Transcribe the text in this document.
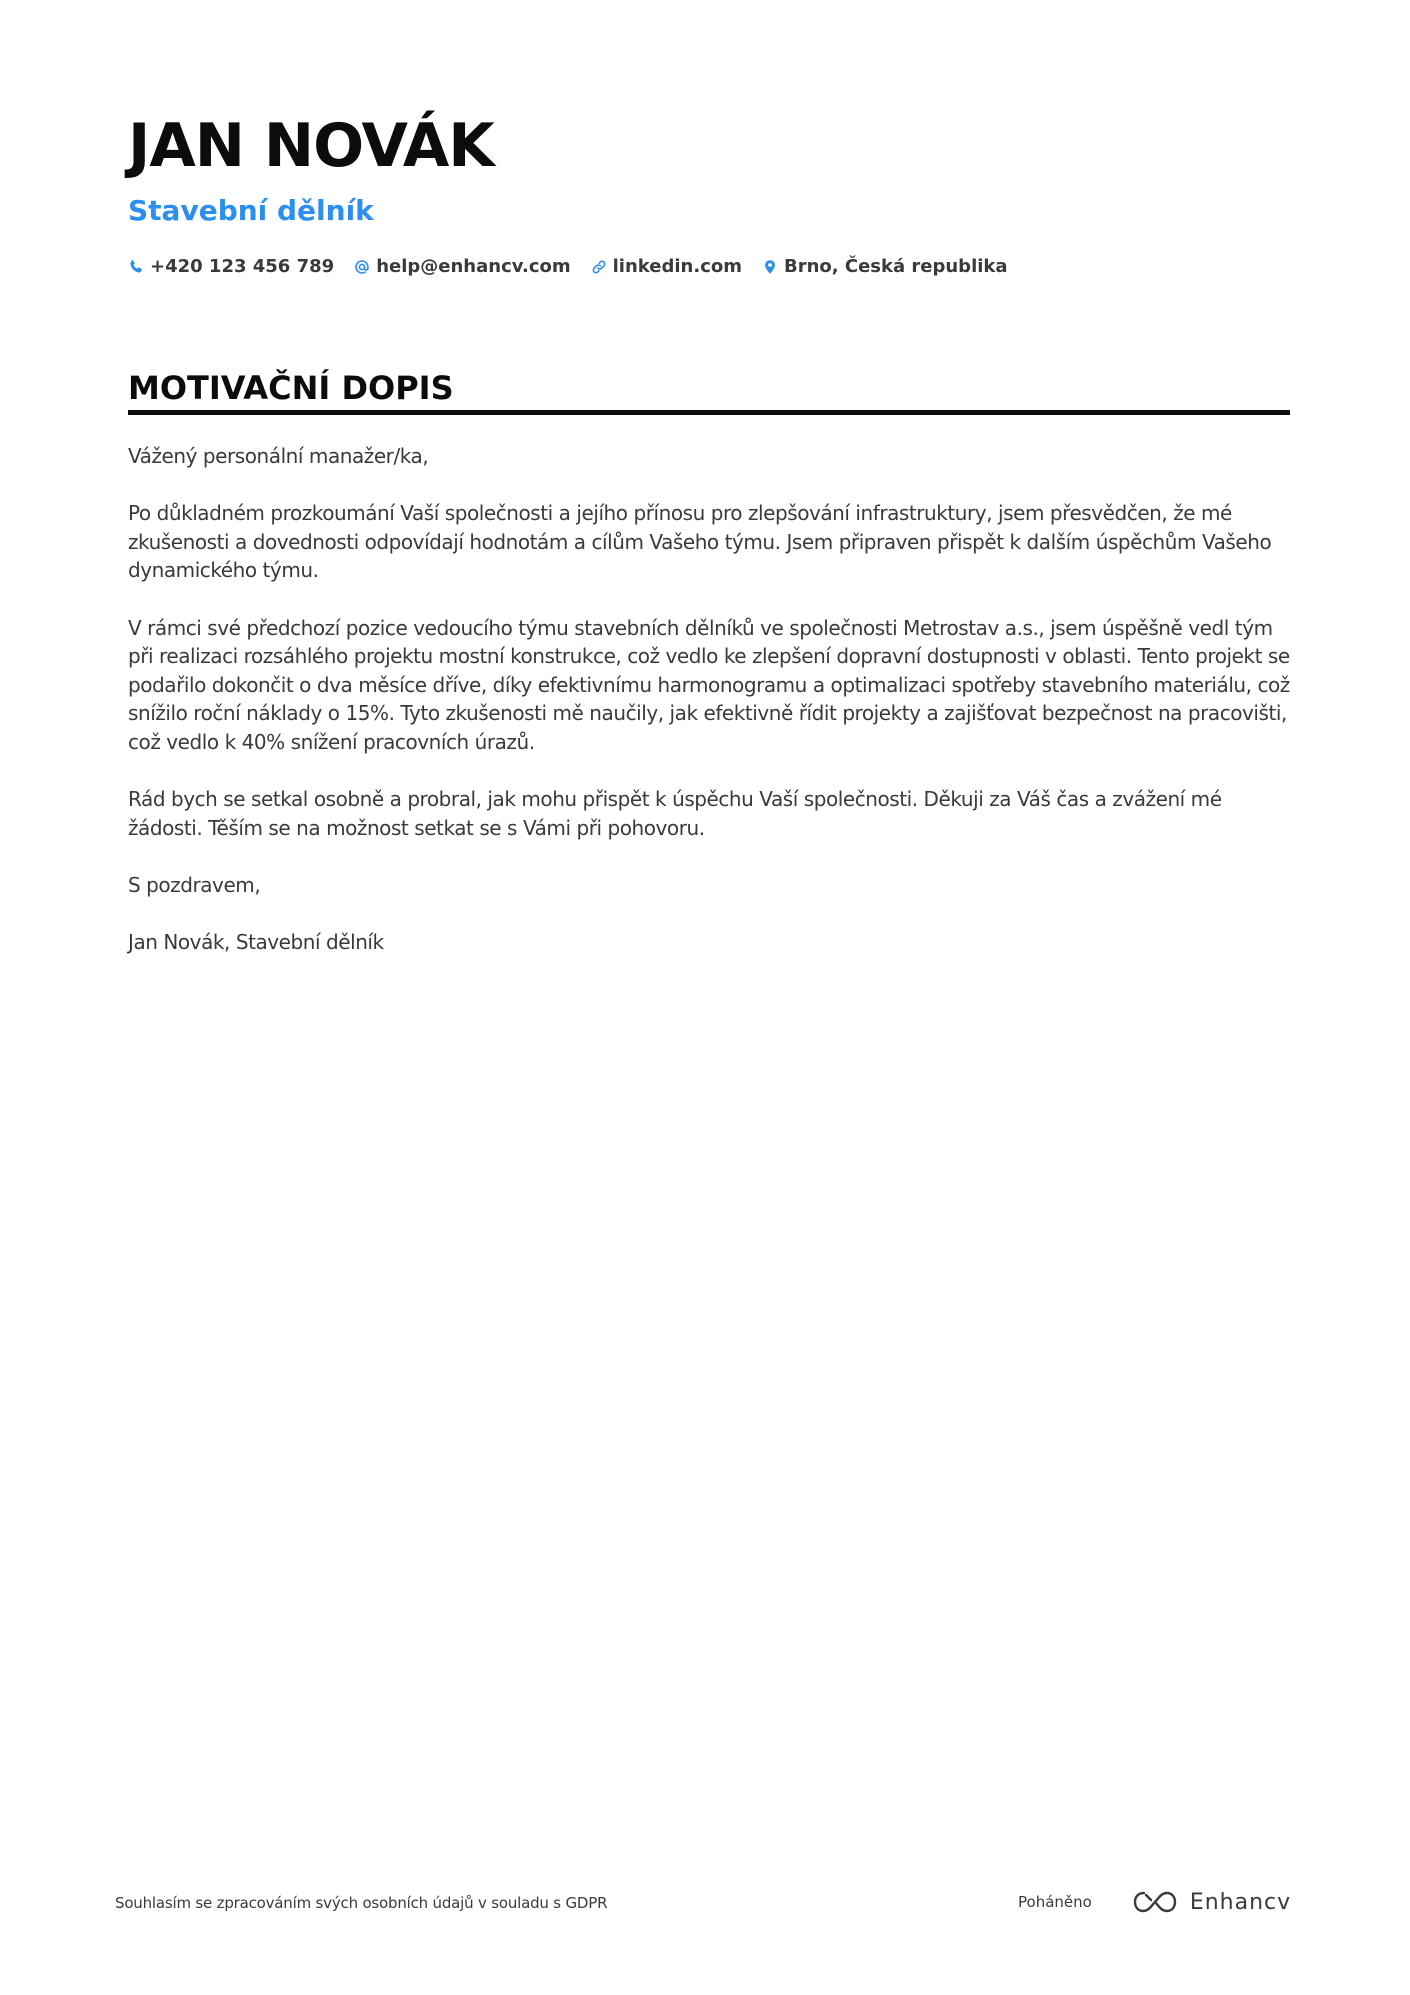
JAN NOVÁK
Stavební dělník
+420 123 456 789 help@enhancv.com linkedin.com Brno, Česká republika
MOTIVAČNÍ DOPIS

Vážený personální manažer/ka,

Po důkladném prozkoumání Vaší společnosti a jejího přínosu pro zlepšování infrastruktury, jsem přesvědčen, že mé zkušenosti a dovednosti odpovídají hodnotám a cílům Vašeho týmu. Jsem připraven přispět k dalším úspěchům Vašeho dynamického týmu.

V rámci své předchozí pozice vedoucího týmu stavebních dělníků ve společnosti Metrostav a.s., jsem úspěšně vedl tým při realizaci rozsáhlého projektu mostní konstrukce, což vedlo ke zlepšení dopravní dostupnosti v oblasti. Tento projekt se podařilo dokončit o dva měsíce dříve, díky efektivnímu harmonogramu a optimalizaci spotřeby stavebního materiálu, což snížilo roční náklady o 15%. Tyto zkušenosti mě naučily, jak efektivně řídit projekty a zajišťovat bezpečnost na pracovišti, což vedlo k 40% snížení pracovních úrazů.

Rád bych se setkal osobně a probral, jak mohu přispět k úspěchu Vaší společnosti. Děkuji za Váš čas a zvážení mé žádosti. Těším se na možnost setkat se s Vámi při pohovoru.

S pozdravem,

Jan Novák, Stavební dělník

Souhlasím se zpracováním svých osobních údajů v souladu s GDPR	Poháněno	Enhancv
